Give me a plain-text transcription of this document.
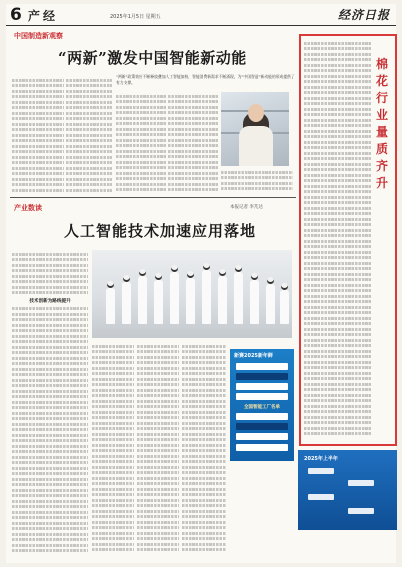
6 产经	2025年1月5日 星期五	经济日报
中国制造新观察
“两新”激发中国智能新动能

“两新”政策效应不断释放叠加人工智能加持，智能消费新需求不断涌现，为“中国智造”新动能的形成提供了有力支撑。

产业数读	本报记者 李芃达
人工智能技术加速应用落地
技术创新为路线提升
新赛2025新年鲜
全国智能工厂名单
棉花行业量质齐升
2025年上半年
